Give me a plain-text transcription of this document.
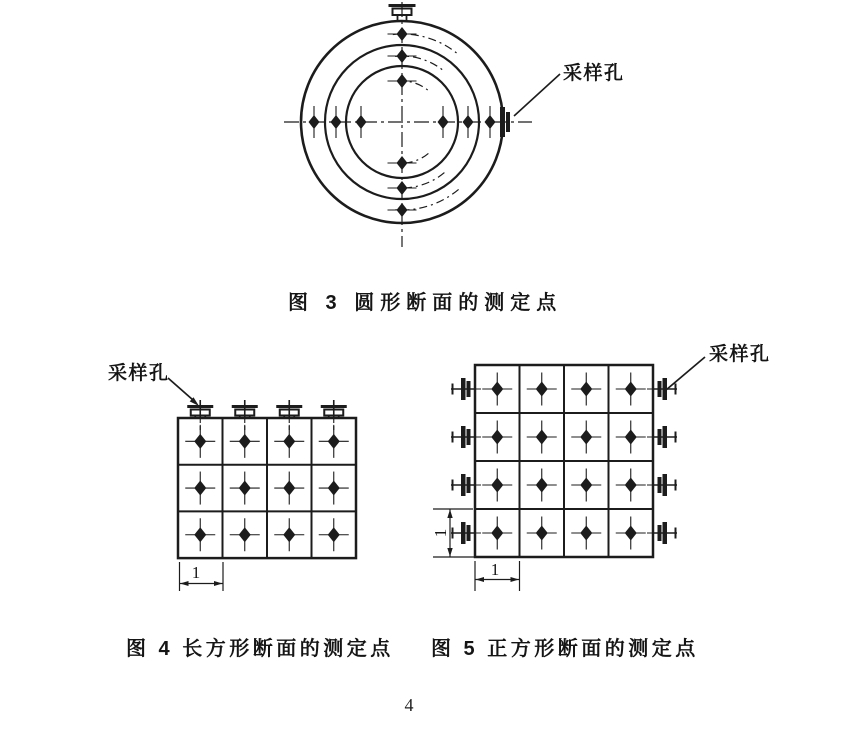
采样孔
图 3 圆形断面的测定点
采样孔
1
图 4 长方形断面的测定点
采样孔
1
1
图 5 正方形断面的测定点
4
